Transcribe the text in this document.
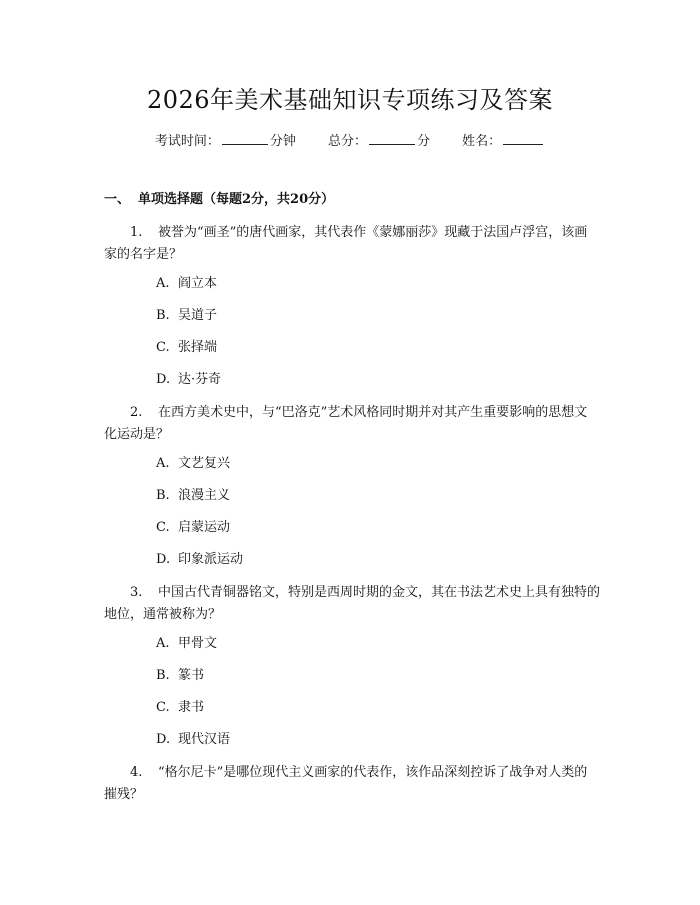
2026年美术基础知识专项练习及答案
考试时间：	分钟 总分：	分 姓名：
一、 单项选择题（每题2分，共20分）
1. 被誉为“画圣”的唐代画家，其代表作《蒙娜丽莎》现藏于法国卢浮宫，该画家的名字是？
A. 阎立本
B. 吴道子
C. 张择端
D. 达·芬奇
2. 在西方美术史中，与“巴洛克”艺术风格同时期并对其产生重要影响的思想文化运动是？
A. 文艺复兴
B. 浪漫主义
C. 启蒙运动
D. 印象派运动
3. 中国古代青铜器铭文，特别是西周时期的金文，其在书法艺术史上具有独特的地位，通常被称为？
A. 甲骨文
B. 篆书
C. 隶书
D. 现代汉语
4. “格尔尼卡”是哪位现代主义画家的代表作，该作品深刻控诉了战争对人类的摧残？
